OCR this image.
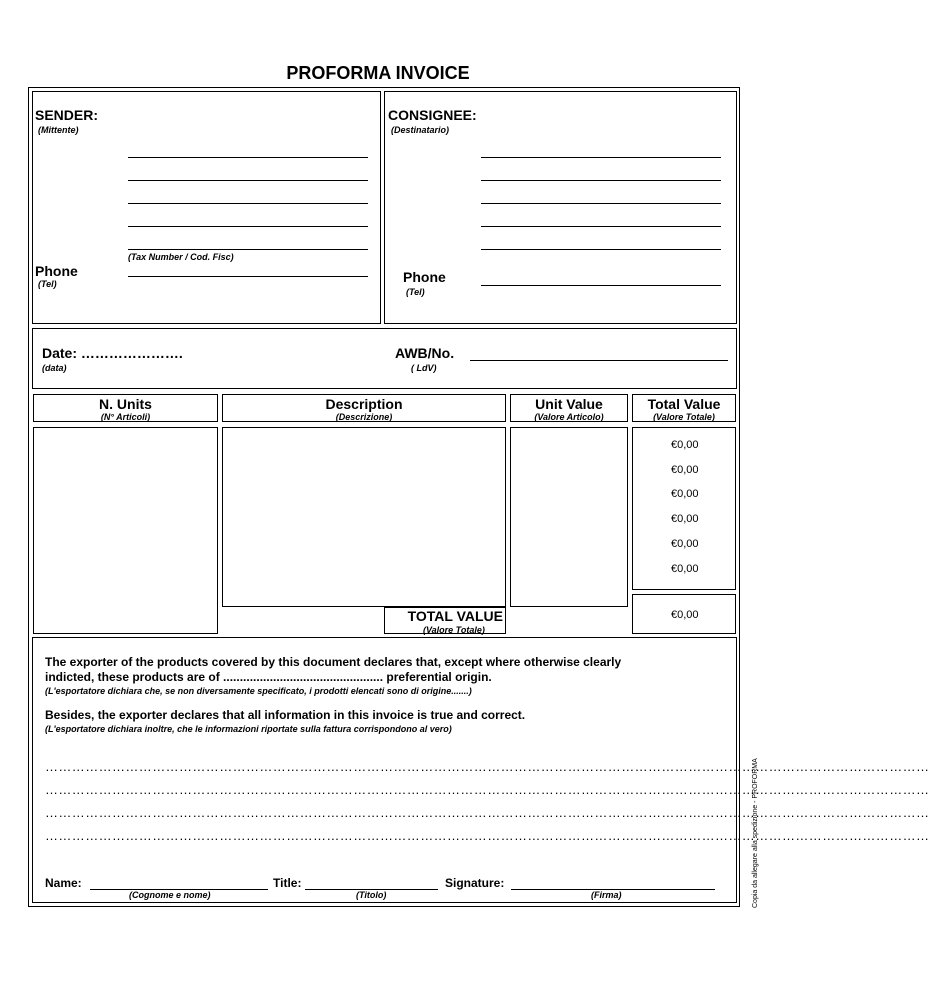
PROFORMA INVOICE
SENDER:
(Mittente)
(Tax Number / Cod. Fisc)
Phone
(Tel)
CONSIGNEE:
(Destinatario)
Phone
(Tel)
Date: ………………….
(data)
AWB/No.
( LdV)
N. Units
(N° Articoli)
Description
(Descrizione)
Unit Value
(Valore Articolo)
Total Value
(Valore Totale)
€0,00
€0,00
€0,00
€0,00
€0,00
€0,00
TOTAL VALUE
(Valore Totale)
€0,00
The exporter of the products covered by this document declares that, except where otherwise clearly
indicted, these products are of ................................................ preferential origin.
(L'esportatore dichiara che, se non diversamente specificato, i prodotti elencati sono di origine.......)
Besides, the exporter declares that all information in this invoice is true and correct.
(L'esportatore dichiara inoltre, che le informazioni riportate sulla fattura corrispondono al vero)
………………………………………………………………………………………………………………………………………………………………………………
………………………………………………………………………………………………………………………………………………………………………………
………………………………………………………………………………………………………………………………………………………………………………
………………………………………………………………………………………………………………………………………………………………………………
Name:
(Cognome e nome)
Title:
(Titolo)
Signature:
(Firma)	Copia da allegare alla spedizione - PROFORMA
